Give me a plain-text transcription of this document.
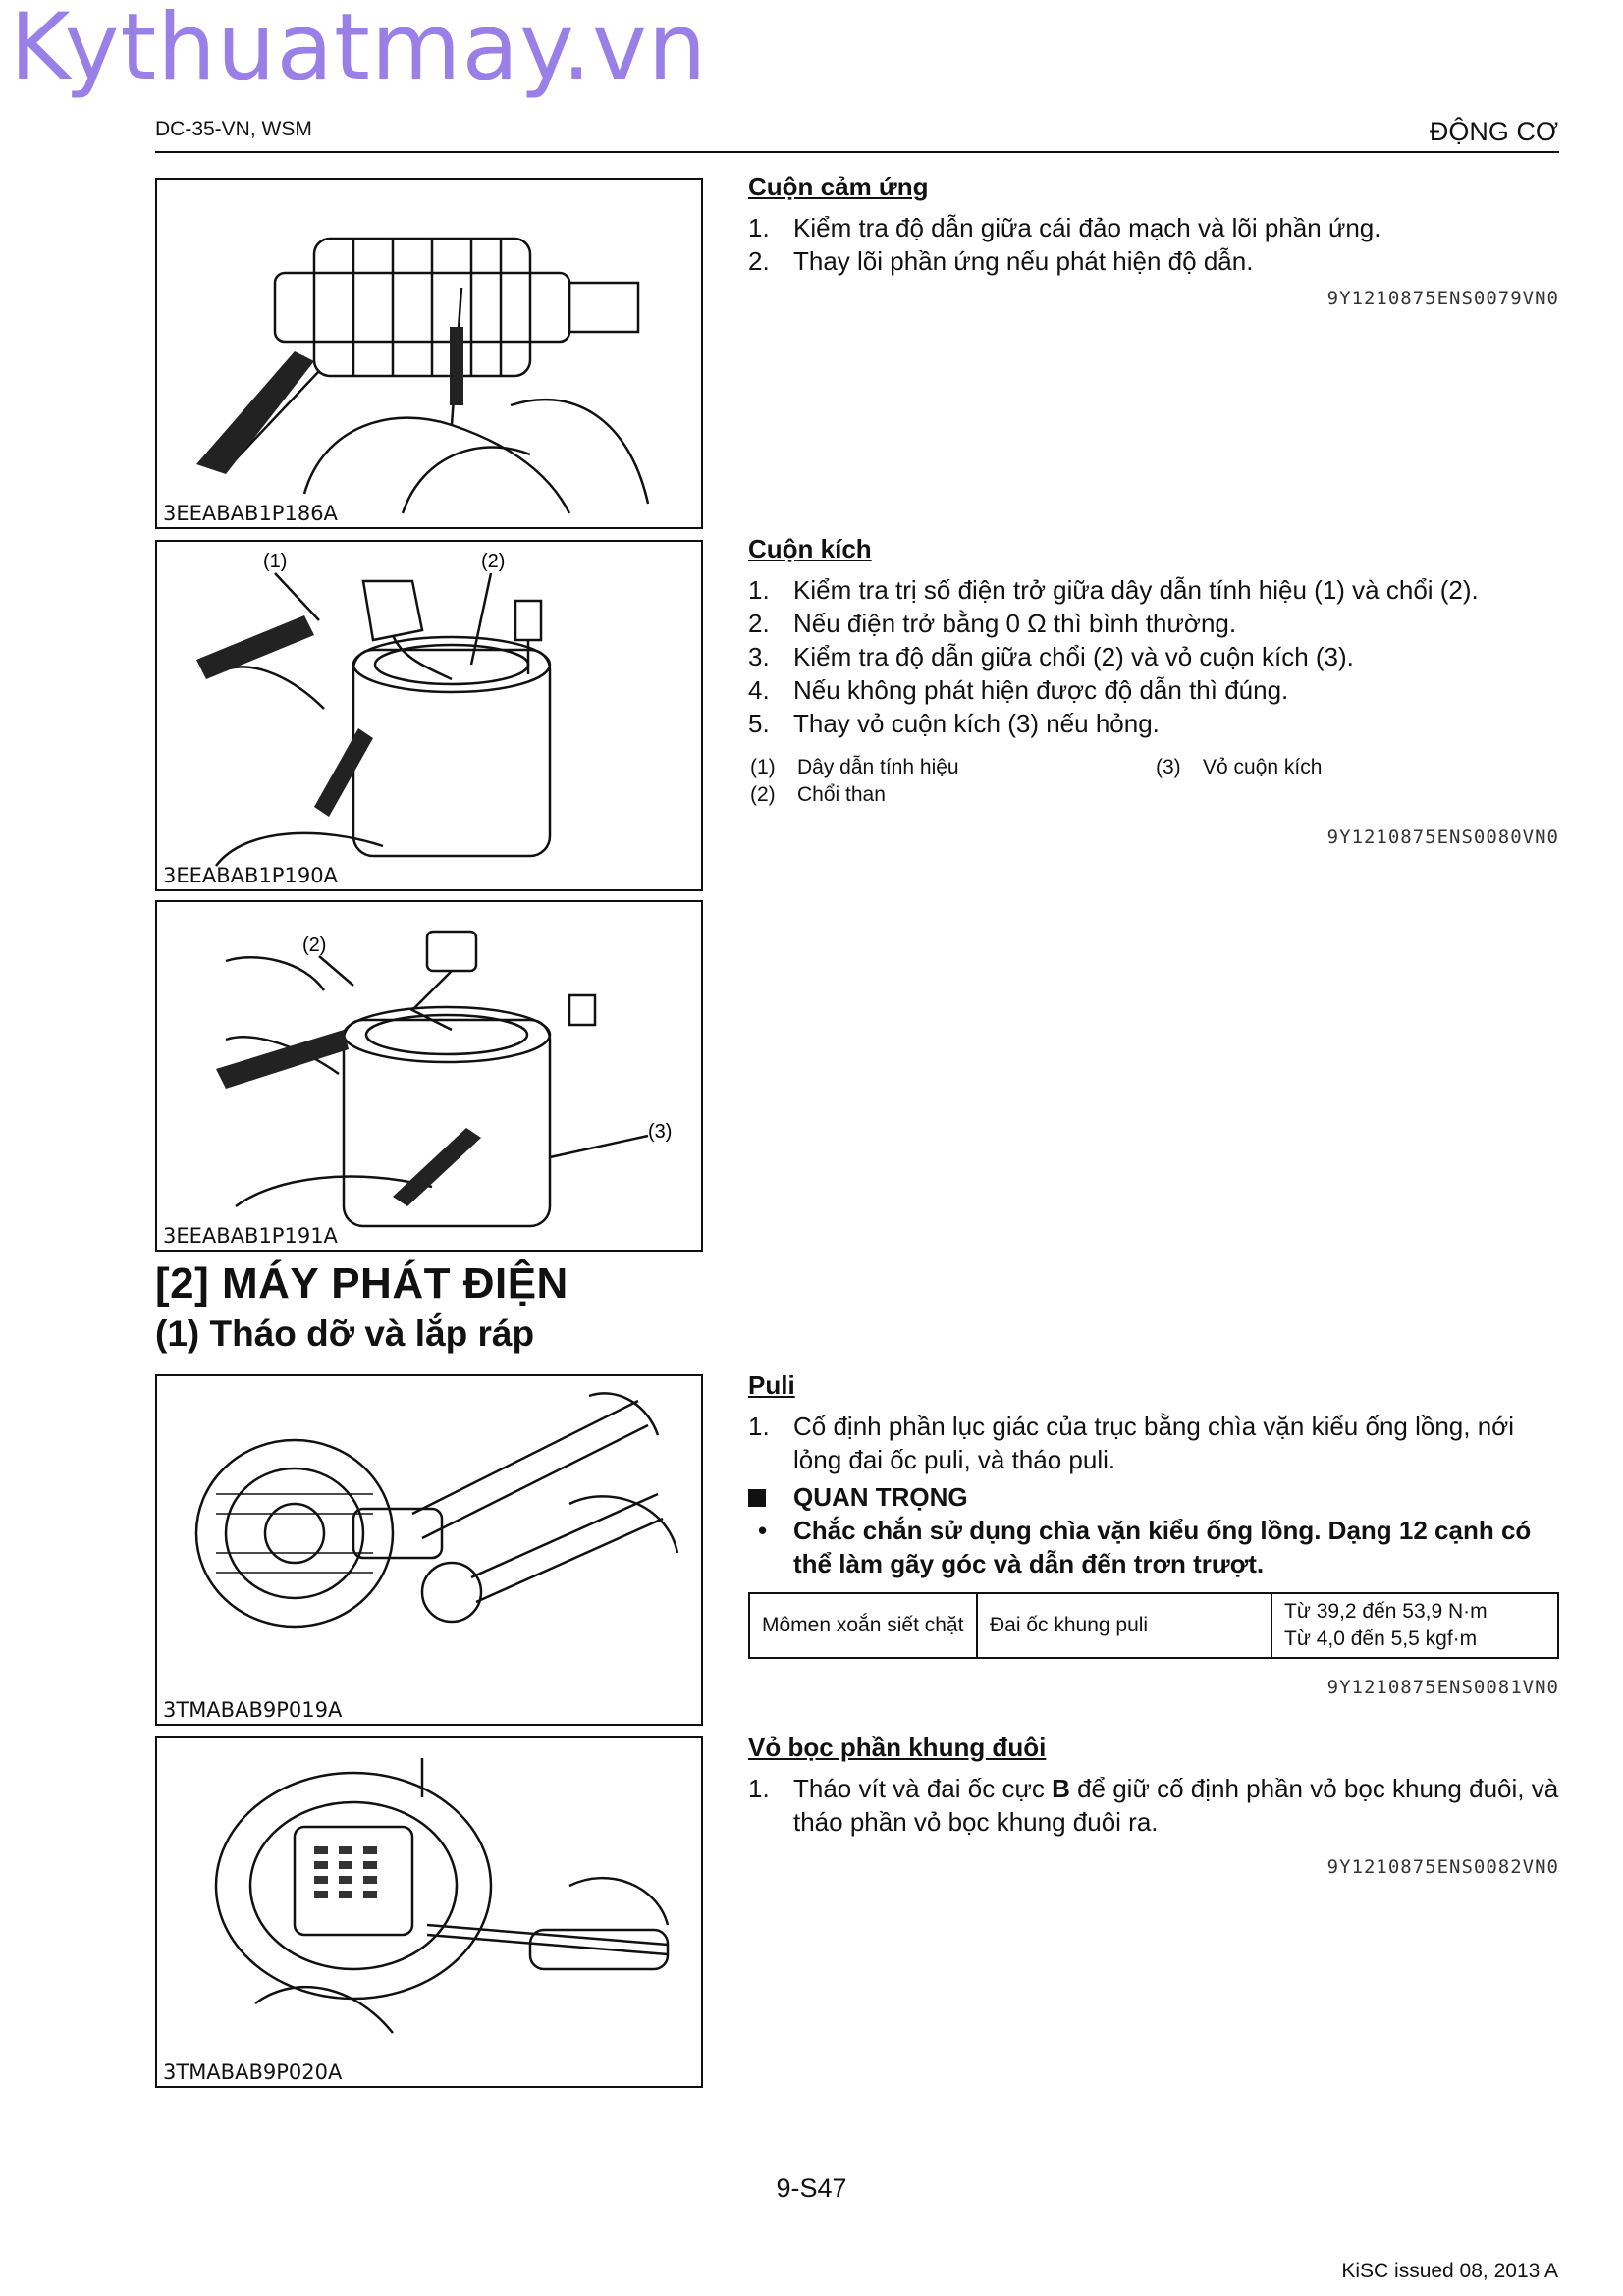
Kythuatmay.vn
DC-35-VN, WSM	ĐỘNG CƠ
3EEABAB1P186A
(1)	(2)
3EEABAB1P190A
(2)
(3)
3EEABAB1P191A
[2] MÁY PHÁT ĐIỆN
(1) Tháo dỡ và lắp ráp
3TMABAB9P019A
3TMABAB9P020A
Cuộn cảm ứng
1. Kiểm tra độ dẫn giữa cái đảo mạch và lõi phần ứng.
2. Thay lõi phần ứng nếu phát hiện độ dẫn.
9Y1210875ENS0079VN0
Cuộn kích
1. Kiểm tra trị số điện trở giữa dây dẫn tính hiệu (1) và chổi (2).
2. Nếu điện trở bằng 0 Ω thì bình thường.
3. Kiểm tra độ dẫn giữa chổi (2) và vỏ cuộn kích (3).
4. Nếu không phát hiện được độ dẫn thì đúng.
5. Thay vỏ cuộn kích (3) nếu hỏng.
(1) Dây dẫn tính hiệu
(2) Chổi than
(3) Vỏ cuộn kích
9Y1210875ENS0080VN0
Puli
1. Cố định phần lục giác của trục bằng chìa vặn kiểu ống lồng, nới lỏng đai ốc puli, và tháo puli.
QUAN TRỌNG
• Chắc chắn sử dụng chìa vặn kiểu ống lồng. Dạng 12 cạnh có thể làm gãy góc và dẫn đến trơn trượt.
Mômen xoắn siết chặt	Đai ốc khung puli	
Từ 39,2 đến 53,9 N·m
Từ 4,0 đến 5,5 kgf·m
9Y1210875ENS0081VN0
Vỏ bọc phần khung đuôi
1. Tháo vít và đai ốc cực B để giữ cố định phần vỏ bọc khung đuôi, và tháo phần vỏ bọc khung đuôi ra.
9Y1210875ENS0082VN0
9-S47
KiSC issued 08, 2013 A
